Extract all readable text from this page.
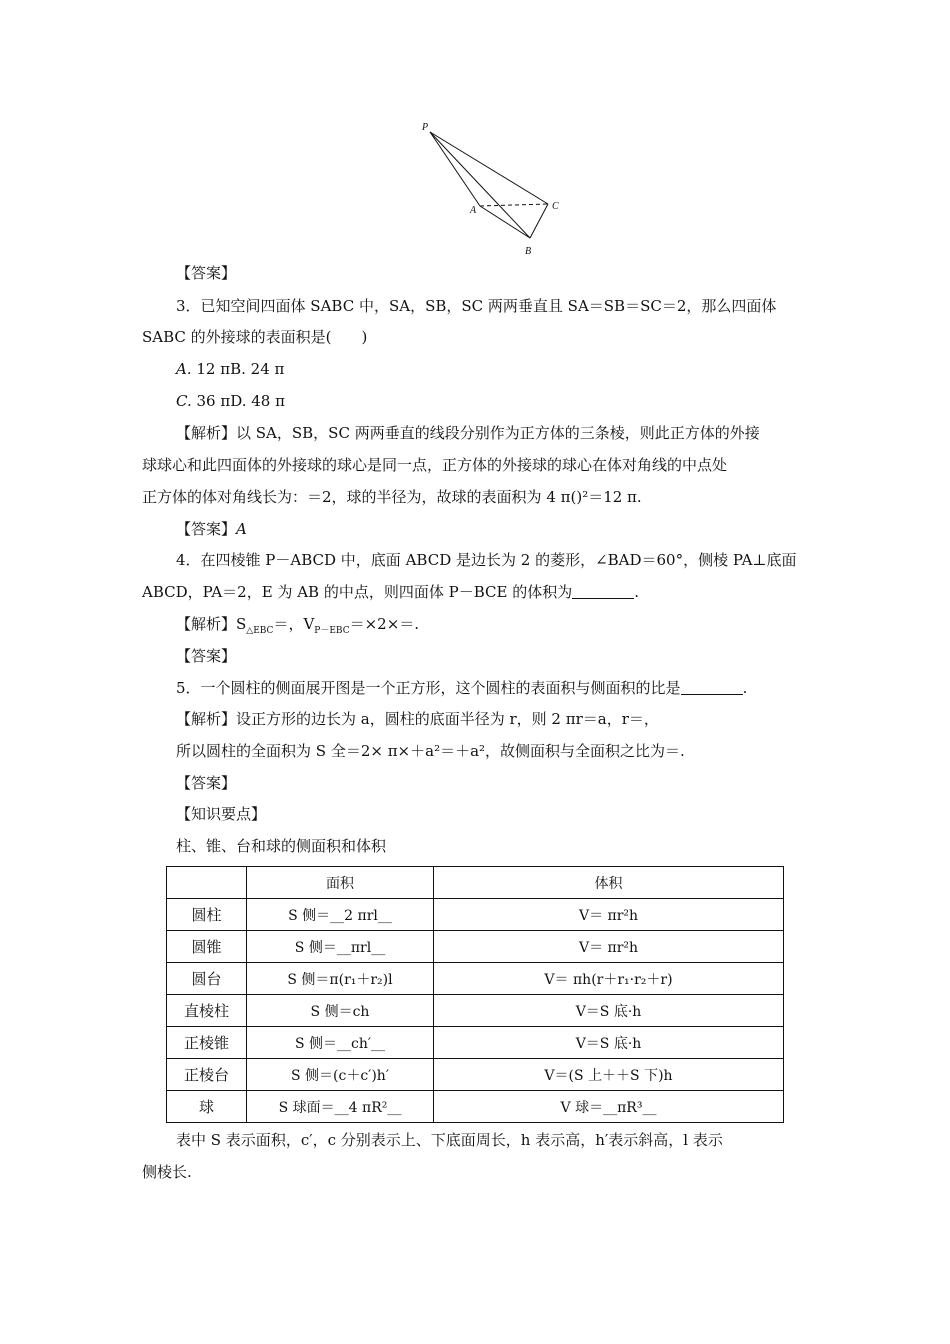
P
A
B
C
【答案】
3．已知空间四面体 SABC 中，SA，SB，SC 两两垂直且 SA＝SB＝SC＝2，那么四面体
SABC 的外接球的表面积是(　　)
A. 12 πB. 24 π
C. 36 πD. 48 π
【解析】以 SA，SB，SC 两两垂直的线段分别作为正方体的三条棱，则此正方体的外接
球球心和此四面体的外接球的球心是同一点，正方体的外接球的球心在体对角线的中点处
正方体的体对角线长为：＝2，球的半径为，故球的表面积为 4 π()²＝12 π.
【答案】A
4．在四棱锥 P－ABCD 中，底面 ABCD 是边长为 2 的菱形，∠BAD＝60°，侧棱 PA⊥底面
ABCD，PA＝2，E 为 AB 的中点，则四面体 P－BCE 的体积为	.
【解析】$S_{\triangle EBC}=$，$V_{P-EBC}=\times 2\times=$.
【答案】
5．一个圆柱的侧面展开图是一个正方形，这个圆柱的表面积与侧面积的比是	.
【解析】设正方形的边长为 a，圆柱的底面半径为 r，则 2 πr＝a，r＝，
所以圆柱的全面积为 S 全＝2× π×＋a²＝＋a²，故侧面积与全面积之比为＝.
【答案】
【知识要点】
柱、锥、台和球的侧面积和体积
	面积	体积
圆柱	S 侧＝__2 πrl__	V＝ πr²h
圆锥	S 侧＝__πrl__	V＝ πr²h
圆台	S 侧＝π(r₁＋r₂)l	V＝ πh(r＋r₁·r₂＋r)
直棱柱	S 侧＝ch	V＝S 底·h
正棱锥	S 侧＝__ch′__	V＝S 底·h
正棱台	S 侧＝(c＋c′)h′	V＝(S 上＋＋S 下)h
球	S 球面＝__4 πR²__	V 球＝__πR³__
表中 S 表示面积，c′，c 分别表示上、下底面周长，h 表示高，h′表示斜高，l 表示
侧棱长.
